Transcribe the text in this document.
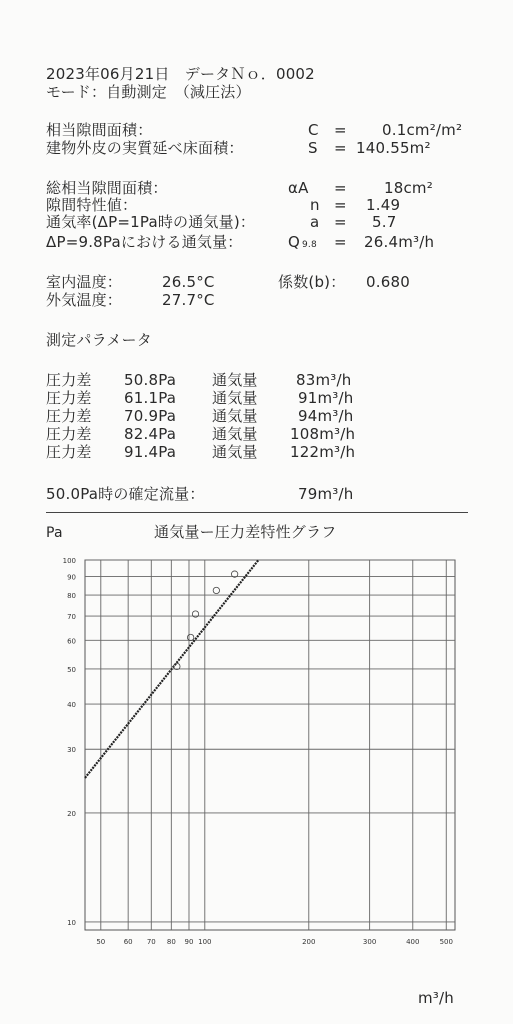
2023年06月21日　データＮｏ．0002
モード：自動測定　（減圧法）
相当隙間面積：	C = 0.1cm²/m²
建物外皮の実質延べ床面積：	S = 140.55m²
総相当隙間面積：	αA = 18cm²
隙間特性値：	n = 1.49
通気率(ΔP=1Pa時の通気量)：	a = 5.7
ΔP=9.8Paにおける通気量：	Q 9.8 = 26.4m³/h
室内温度：	26.5°C	係数(b)： 0.680
外気温度：	27.7°C
測定パラメータ
圧力差 50.8Pa 通気量	83m³/h
圧力差 61.1Pa 通気量	91m³/h
圧力差 70.9Pa 通気量	94m³/h
圧力差 82.4Pa 通気量 108m³/h
圧力差 91.4Pa 通気量 122m³/h
50.0Pa時の確定流量：	79m³/h
Pa	通気量ー圧力差特性グラフ
50	60 70 80 90 100	200	300	400	500
10
20
30
40
50
60
70
80
90
100
m³/h
